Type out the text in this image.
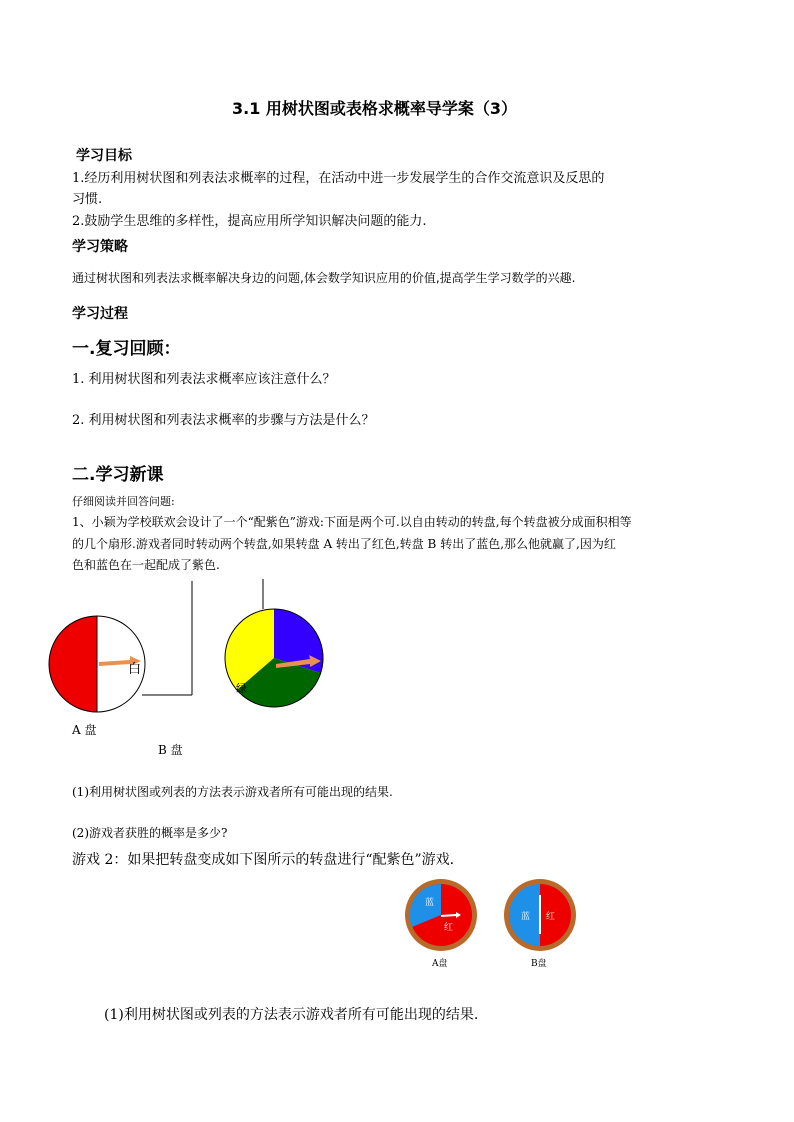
3.1 用树状图或表格求概率导学案（3）
学习目标
1.经历利用树状图和列表法求概率的过程，在活动中进一步发展学生的合作交流意识及反思的
习惯.
2.鼓励学生思维的多样性，提高应用所学知识解决问题的能力.
学习策略
通过树状图和列表法求概率解决身边的问题,体会数学知识应用的价值,提高学生学习数学的兴趣.
学习过程
一.复习回顾：
1. 利用树状图和列表法求概率应该注意什么？
2. 利用树状图和列表法求概率的步骤与方法是什么？
二.学习新课
仔细阅读并回答问题:
1、小颖为学校联欢会设计了一个“配紫色”游戏:下面是两个可.以自由转动的转盘,每个转盘被分成面积相等
的几个扇形.游戏者同时转动两个转盘,如果转盘 A 转出了红色,转盘 B 转出了蓝色,那么他就赢了,因为红
色和蓝色在一起配成了紫色.
白
绿
A 盘
B 盘
(1)利用树状图或列表的方法表示游戏者所有可能出现的结果.
(2)游戏者获胜的概率是多少?
游戏 2：如果把转盘变成如下图所示的转盘进行“配紫色”游戏.
蓝
红
蓝 红
A盘	B盘
(1)利用树状图或列表的方法表示游戏者所有可能出现的结果.
